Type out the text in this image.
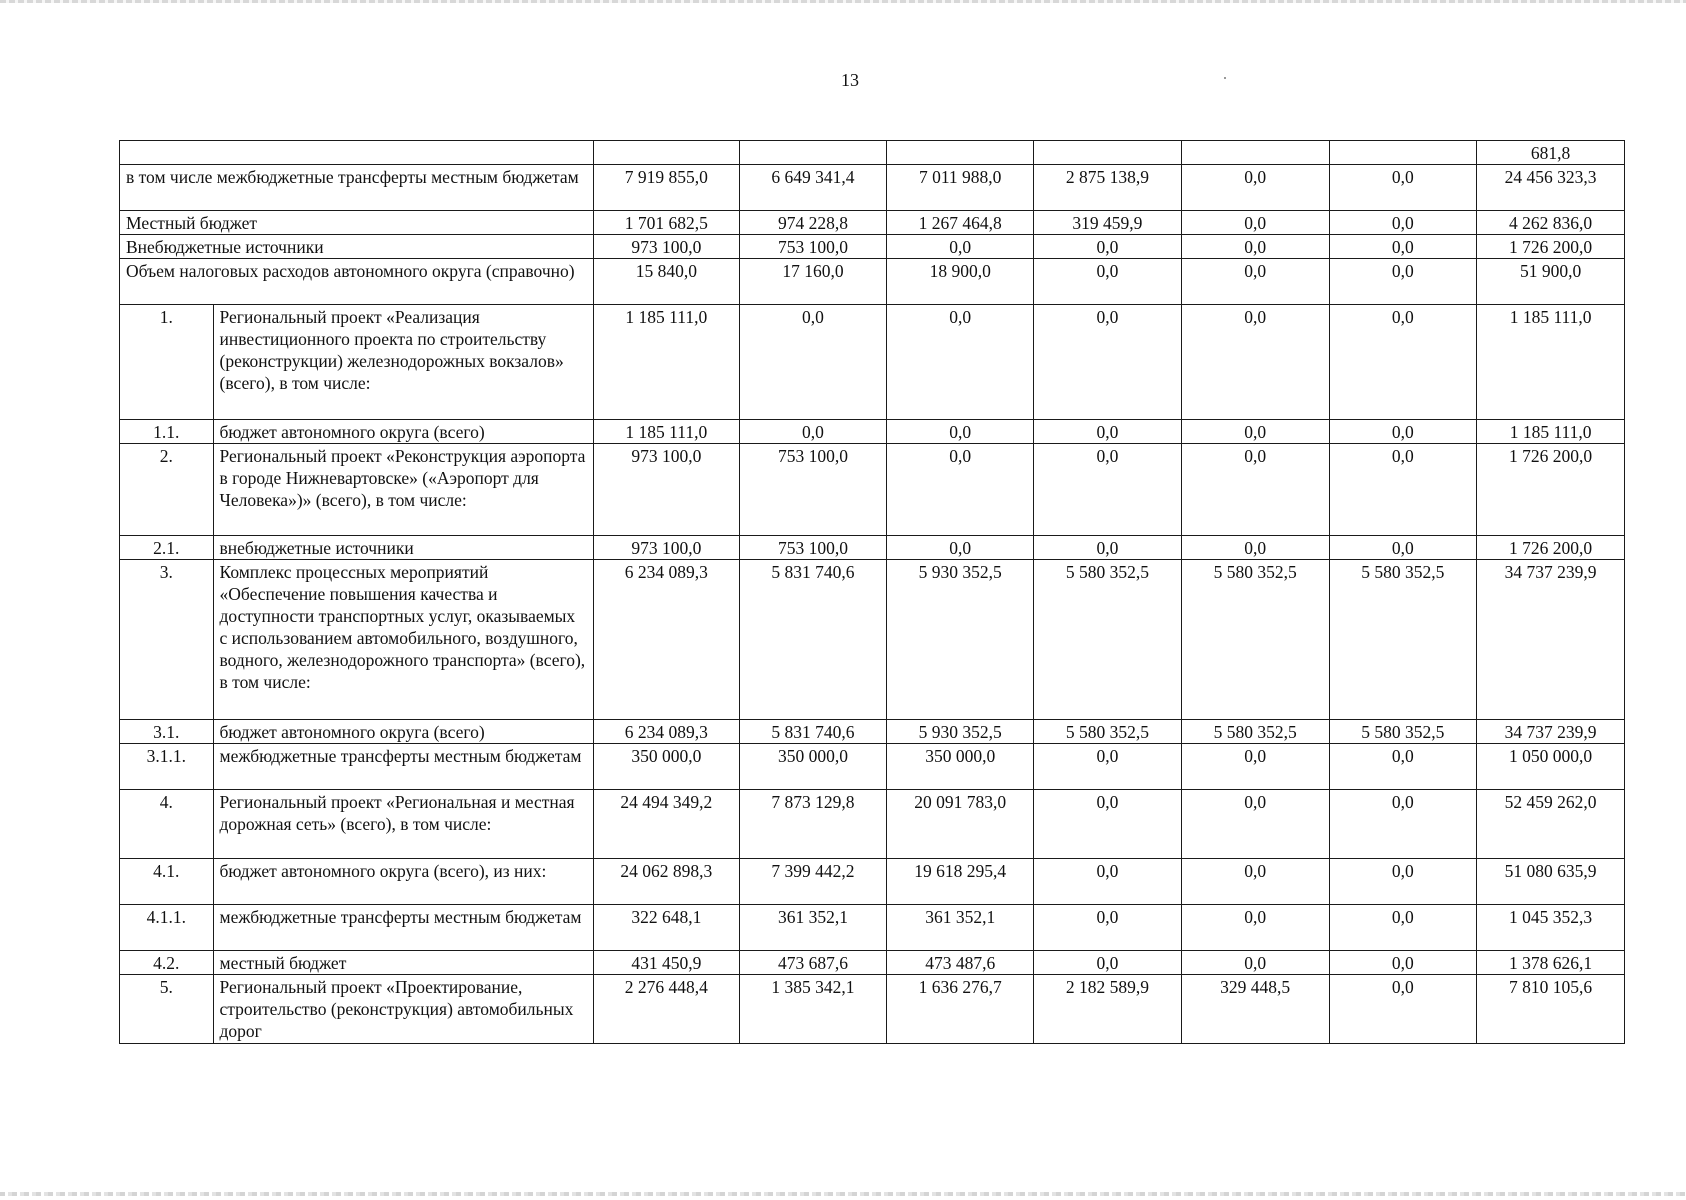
13
								681,8
в том числе межбюджетные трансферты местным бюджетам		7 919 855,0	6 649 341,4	7 011 988,0	2 875 138,9	0,0	0,0	24 456 323,3
Местный бюджет		1 701 682,5	974 228,8	1 267 464,8	319 459,9	0,0	0,0	4 262 836,0
Внебюджетные источники		973 100,0	753 100,0	0,0	0,0	0,0	0,0	1 726 200,0
Объем налоговых расходов автономного округа (справочно)		15 840,0	17 160,0	18 900,0	0,0	0,0	0,0	51 900,0
1.	Региональный проект «Реализация инвестиционного проекта по строительству (реконструкции) железнодорожных вокзалов» (всего), в том числе:	1 185 111,0	0,0	0,0	0,0	0,0	0,0	1 185 111,0
1.1.	бюджет автономного округа (всего)	1 185 111,0	0,0	0,0	0,0	0,0	0,0	1 185 111,0
2.	Региональный проект «Реконструкция аэропорта в городе Нижневартовске» («Аэропорт для Человека»)» (всего), в том числе:	973 100,0	753 100,0	0,0	0,0	0,0	0,0	1 726 200,0
2.1.	внебюджетные источники	973 100,0	753 100,0	0,0	0,0	0,0	0,0	1 726 200,0
3.	Комплекс процессных мероприятий «Обеспечение повышения качества и доступности транспортных услуг, оказываемых с использованием автомобильного, воздушного, водного, железнодорожного транспорта» (всего), в том числе:	6 234 089,3	5 831 740,6	5 930 352,5	5 580 352,5	5 580 352,5	5 580 352,5	34 737 239,9
3.1.	бюджет автономного округа (всего)	6 234 089,3	5 831 740,6	5 930 352,5	5 580 352,5	5 580 352,5	5 580 352,5	34 737 239,9
3.1.1.	межбюджетные трансферты местным бюджетам	350 000,0	350 000,0	350 000,0	0,0	0,0	0,0	1 050 000,0
4.	Региональный проект «Региональная и местная дорожная сеть» (всего), в том числе:	24 494 349,2	7 873 129,8	20 091 783,0	0,0	0,0	0,0	52 459 262,0
4.1.	бюджет автономного округа (всего), из них:	24 062 898,3	7 399 442,2	19 618 295,4	0,0	0,0	0,0	51 080 635,9
4.1.1.	межбюджетные трансферты местным бюджетам	322 648,1	361 352,1	361 352,1	0,0	0,0	0,0	1 045 352,3
4.2.	местный бюджет	431 450,9	473 687,6	473 487,6	0,0	0,0	0,0	1 378 626,1
5.	Региональный проект «Проектирование, строительство (реконструкция) автомобильных дорог	2 276 448,4	1 385 342,1	1 636 276,7	2 182 589,9	329 448,5	0,0	7 810 105,6
